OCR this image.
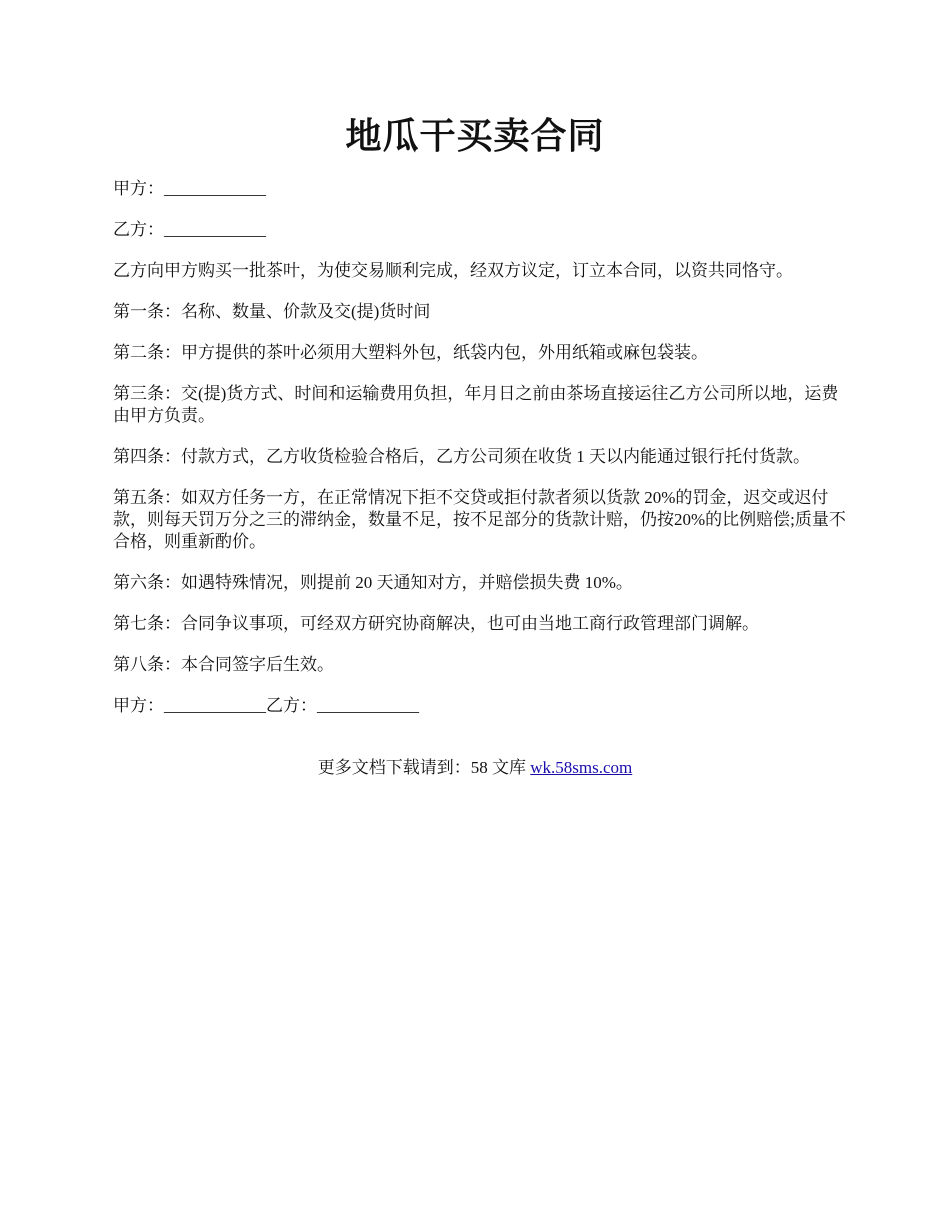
地瓜干买卖合同

甲方：____________

乙方：____________

乙方向甲方购买一批茶叶，为使交易顺利完成，经双方议定，订立本合同，以资共同恪守。

第一条：名称、数量、价款及交(提)货时间

第二条：甲方提供的茶叶必须用大塑料外包，纸袋内包，外用纸箱或麻包袋装。

第三条：交(提)货方式、时间和运输费用负担，年月日之前由茶场直接运往乙方公司所以地，运费由甲方负责。

第四条：付款方式，乙方收货检验合格后，乙方公司须在收货 1 天以内能通过银行托付货款。

第五条：如双方任务一方，在正常情况下拒不交贷或拒付款者须以货款 20%的罚金，迟交或迟付款，则每天罚万分之三的滞纳金，数量不足，按不足部分的货款计赔，仍按20%的比例赔偿;质量不合格，则重新酌价。

第六条：如遇特殊情况，则提前 20 天通知对方，并赔偿损失费 10%。

第七条：合同争议事项，可经双方研究协商解决，也可由当地工商行政管理部门调解。

第八条：本合同签字后生效。

甲方：____________乙方：____________

更多文档下载请到：58 文库 wk.58sms.com
